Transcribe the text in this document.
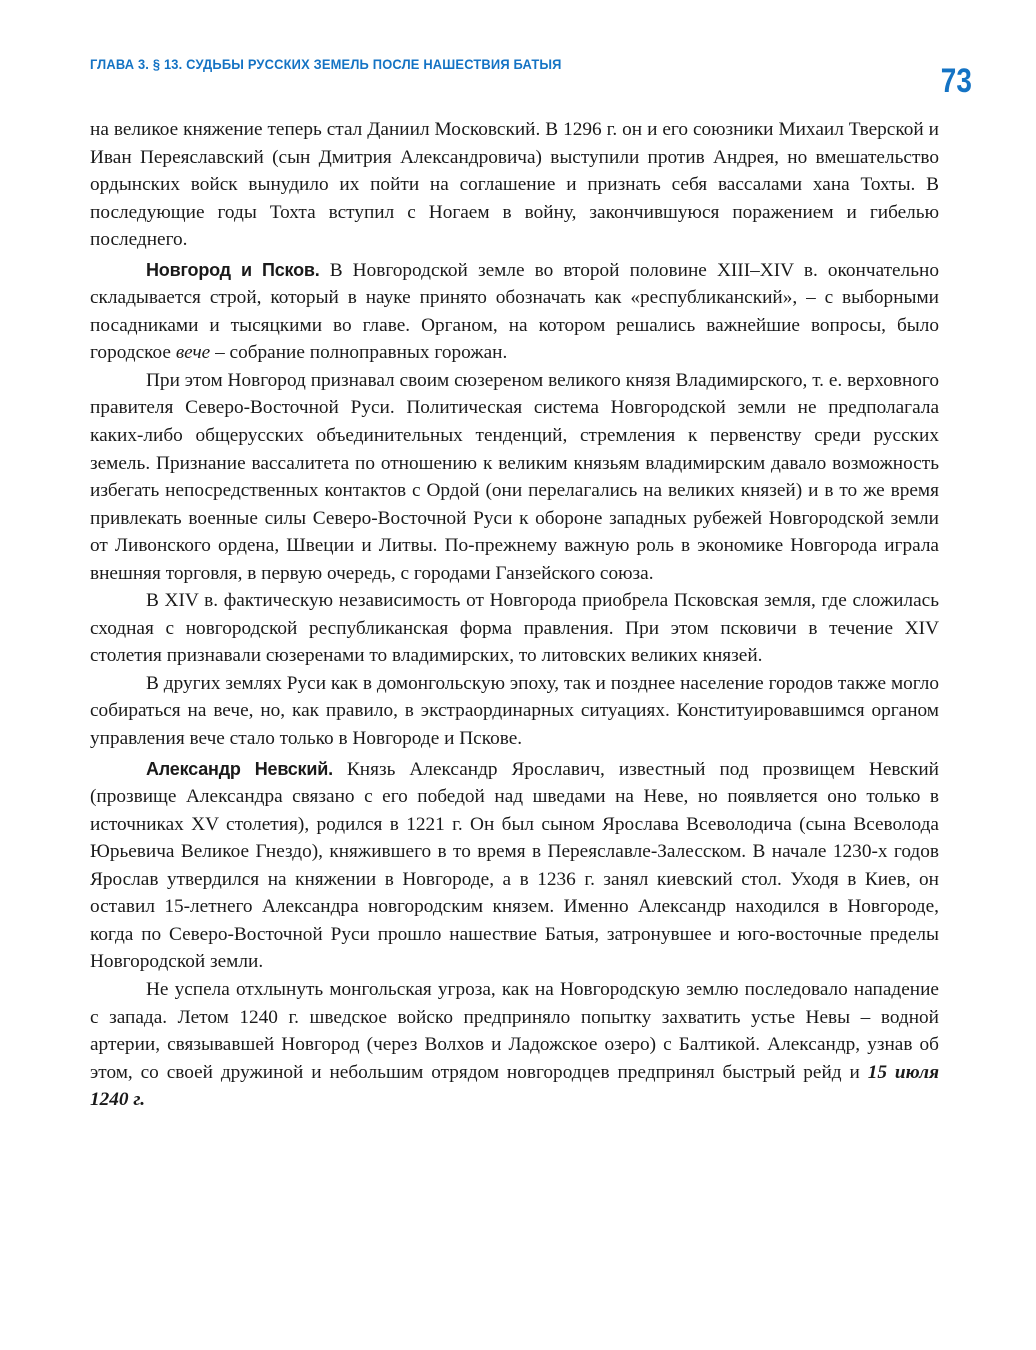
ГЛАВА 3. § 13. СУДЬБЫ РУССКИХ ЗЕМЕЛЬ ПОСЛЕ НАШЕСТВИЯ БАТЫЯ	73

на великое княжение теперь стал Даниил Московский. В 1296 г. он и его союзники Михаил Тверской и Иван Переяславский (сын Дмитрия Александровича) выступили против Андрея, но вмешательство ордынских войск вынудило их пойти на соглашение и признать себя вассалами хана Тохты. В последующие годы Тохта вступил с Ногаем в войну, закончившуюся поражением и гибелью последнего.

Новгород и Псков. В Новгородской земле во второй половине XIII–XIV в. окончательно складывается строй, который в науке принято обозначать как «республиканский», – с выборными посадниками и тысяцкими во главе. Органом, на котором решались важнейшие вопросы, было городское вече – собрание полноправных горожан.

При этом Новгород признавал своим сюзереном великого князя Владимирского, т. е. верховного правителя Северо-Восточной Руси. Политическая система Новгородской земли не предполагала каких-либо общерусских объединительных тенденций, стремления к первенству среди русских земель. Признание вассалитета по отношению к великим князьям владимирским давало возможность избегать непосредственных контактов с Ордой (они перелагались на великих князей) и в то же время привлекать военные силы Северо-Восточной Руси к обороне западных рубежей Новгородской земли от Ливонского ордена, Швеции и Литвы. По-прежнему важную роль в экономике Новгорода играла внешняя торговля, в первую очередь, с городами Ганзейского союза.

В XIV в. фактическую независимость от Новгорода приобрела Псковская земля, где сложилась сходная с новгородской республиканская форма правления. При этом псковичи в течение XIV столетия признавали сюзеренами то владимирских, то литовских великих князей.

В других землях Руси как в домонгольскую эпоху, так и позднее население городов также могло собираться на вече, но, как правило, в экстраординарных ситуациях. Конституировавшимся органом управления вече стало только в Новгороде и Пскове.

Александр Невский. Князь Александр Ярославич, известный под прозвищем Невский (прозвище Александра связано с его победой над шведами на Неве, но появляется оно только в источниках XV столетия), родился в 1221 г. Он был сыном Ярослава Всеволодича (сына Всеволода Юрьевича Великое Гнездо), княжившего в то время в Переяславле-Залесском. В начале 1230-х годов Ярослав утвердился на княжении в Новгороде, а в 1236 г. занял киевский стол. Уходя в Киев, он оставил 15-летнего Александра новгородским князем. Именно Александр находился в Новгороде, когда по Северо-Восточной Руси прошло нашествие Батыя, затронувшее и юго-восточные пределы Новгородской земли.

Не успела отхлынуть монгольская угроза, как на Новгородскую землю последовало нападение с запада. Летом 1240 г. шведское войско предприняло попытку захватить устье Невы – водной артерии, связывавшей Новгород (через Волхов и Ладожское озеро) с Балтикой. Александр, узнав об этом, со своей дружиной и небольшим отрядом новгородцев предпринял быстрый рейд и 15 июля 1240 г.
